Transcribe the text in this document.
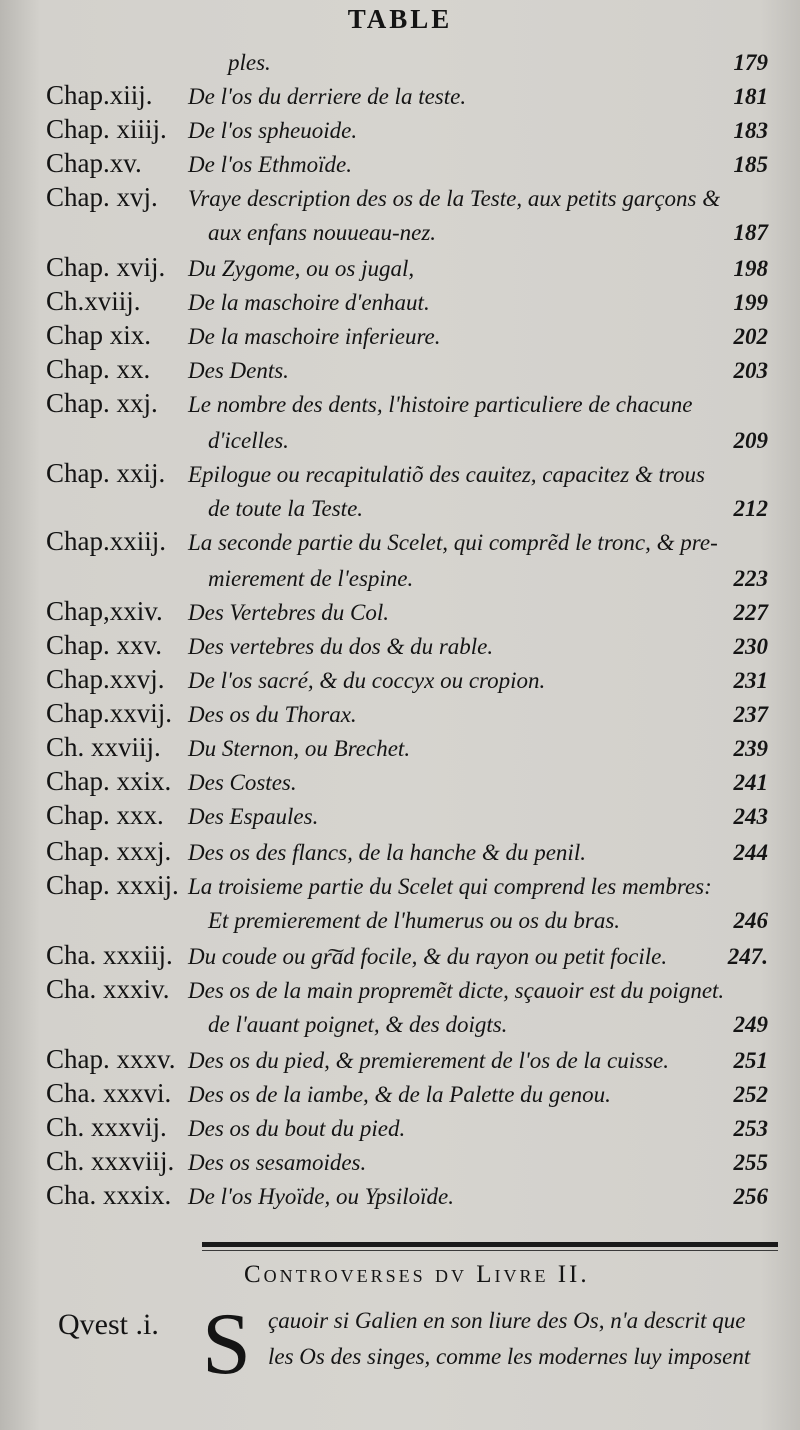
TABLE
ples.	179
Chap.xiij. De l'os du derriere de la teste.	181
Chap. xiiij. De l'os spheuoide.	183
Chap.xv. De l'os Ethmoïde.	185
Chap. xvj. Vraye description des os de la Teste, aux petits garçons &
aux enfans nouueau-nez.	187
Chap. xvij. Du Zygome, ou os jugal,	198
Ch.xviij. De la maschoire d'enhaut.	199
Chap xix. De la maschoire inferieure.	202
Chap. xx. Des Dents.	203
Chap. xxj. Le nombre des dents, l'histoire particuliere de chacune
d'icelles.	209
Chap. xxij. Epilogue ou recapitulatiõ des cauitez, capacitez & trous
de toute la Teste.	212
Chap.xxiij. La seconde partie du Scelet, qui comprẽd le tronc, & pre-
mierement de l'espine.	223
Chap,xxiv. Des Vertebres du Col.	227
Chap. xxv. Des vertebres du dos & du rable.	230
Chap.xxvj. De l'os sacré, & du coccyx ou cropion.	231
Chap.xxvij. Des os du Thorax.	237
Ch. xxviij. Du Sternon, ou Brechet.	239
Chap. xxix. Des Costes.	241
Chap. xxx. Des Espaules.	243
Chap. xxxj. Des os des flancs, de la hanche & du penil.	244
Chap. xxxij. La troisieme partie du Scelet qui comprend les membres:
Et premierement de l'humerus ou os du bras.	246
Cha. xxxiij. Du coude ou gr͠ad focile, & du rayon ou petit focile.	247.
Cha. xxxiv. Des os de la main propremẽt dicte, sçauoir est du poignet.
de l'auant poignet, & des doigts.	249
Chap. xxxv. Des os du pied, & premierement de l'os de la cuisse.	251
Cha. xxxvi. Des os de la iambe, & de la Palette du genou.	252
Ch. xxxvij. Des os du bout du pied.	253
Ch. xxxviij. Des os sesamoides.	255
Cha. xxxix. De l'os Hyoïde, ou Ypsiloïde.	256
Controverses dv Livre II.
Qvest .i. S çauoir si Galien en son liure des Os, n'a descrit que
les Os des singes, comme les modernes luy imposent
